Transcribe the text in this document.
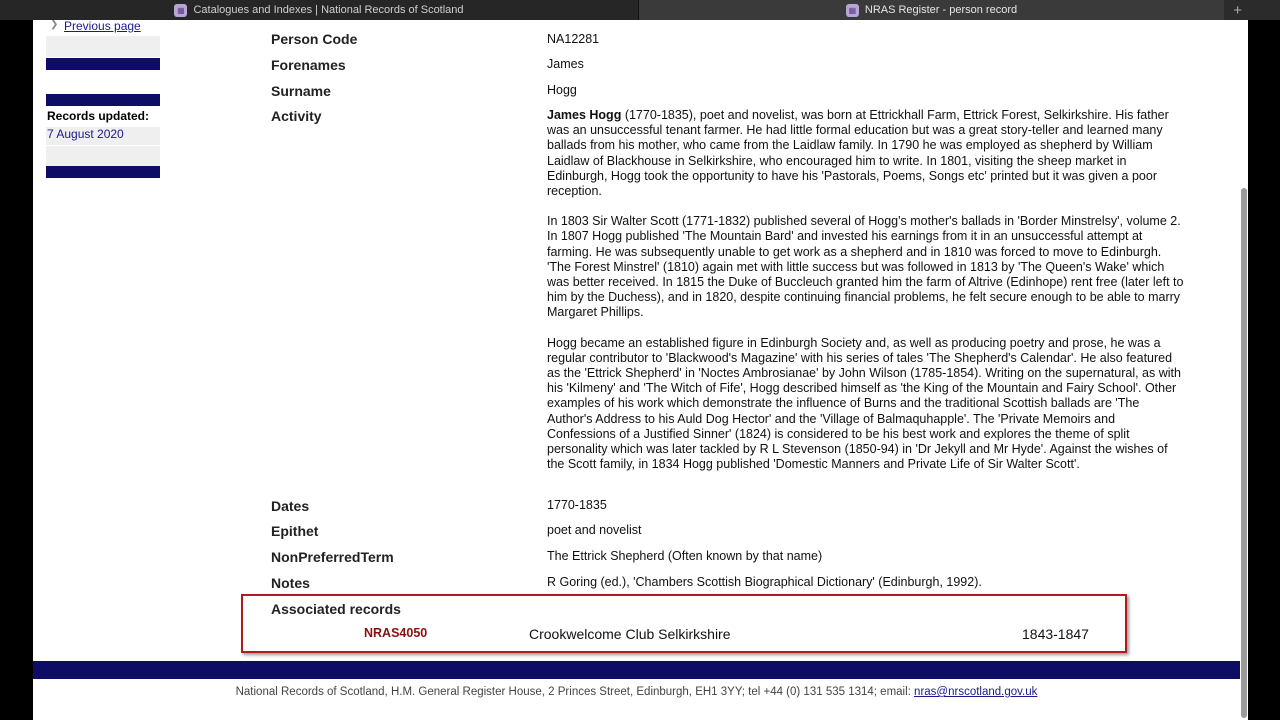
▦ Catalogues and Indexes | National Records of Scotland	▦ NRAS Register - person record	+
❯ Previous page
Records updated:
7 August 2020
Person Code	NA12281
Forenames	James
Surname	Hogg
Activity	James Hogg (1770-1835), poet and novelist, was born at Ettrickhall Farm, Ettrick Forest, Selkirkshire. His father was an unsuccessful tenant farmer. He had little formal education but was a great story-teller and learned many ballads from his mother, who came from the Laidlaw family. In 1790 he was employed as shepherd by William Laidlaw of Blackhouse in Selkirkshire, who encouraged him to write. In 1801, visiting the sheep market in Edinburgh, Hogg took the opportunity to have his 'Pastorals, Poems, Songs etc' printed but it was given a poor reception.
In 1803 Sir Walter Scott (1771-1832) published several of Hogg's mother's ballads in 'Border Minstrelsy', volume 2. In 1807 Hogg published 'The Mountain Bard' and invested his earnings from it in an unsuccessful attempt at farming. He was subsequently unable to get work as a shepherd and in 1810 was forced to move to Edinburgh. 'The Forest Minstrel' (1810) again met with little success but was followed in 1813 by 'The Queen's Wake' which was better received. In 1815 the Duke of Buccleuch granted him the farm of Altrive (Edinhope) rent free (later left to him by the Duchess), and in 1820, despite continuing financial problems, he felt secure enough to be able to marry Margaret Phillips.
Hogg became an established figure in Edinburgh Society and, as well as producing poetry and prose, he was a regular contributor to 'Blackwood's Magazine' with his series of tales 'The Shepherd's Calendar'. He also featured as the 'Ettrick Shepherd' in 'Noctes Ambrosianae' by John Wilson (1785-1854). Writing on the supernatural, as with his 'Kilmeny' and 'The Witch of Fife', Hogg described himself as 'the King of the Mountain and Fairy School'. Other examples of his work which demonstrate the influence of Burns and the traditional Scottish ballads are 'The Author's Address to his Auld Dog Hector' and the 'Village of Balmaquhapple'. The 'Private Memoirs and Confessions of a Justified Sinner' (1824) is considered to be his best work and explores the theme of split personality which was later tackled by R L Stevenson (1850-94) in 'Dr Jekyll and Mr Hyde'. Against the wishes of the Scott family, in 1834 Hogg published 'Domestic Manners and Private Life of Sir Walter Scott'.
Dates	1770-1835
Epithet	poet and novelist
NonPreferredTerm	The Ettrick Shepherd (Often known by that name)
Notes	R Goring (ed.), 'Chambers Scottish Biographical Dictionary' (Edinburgh, 1992).
Associated records
NRAS4050	Crookwelcome Club Selkirkshire	1843-1847
National Records of Scotland, H.M. General Register House, 2 Princes Street, Edinburgh, EH1 3YY; tel +44 (0) 131 535 1314; email: nras@nrscotland.gov.uk
